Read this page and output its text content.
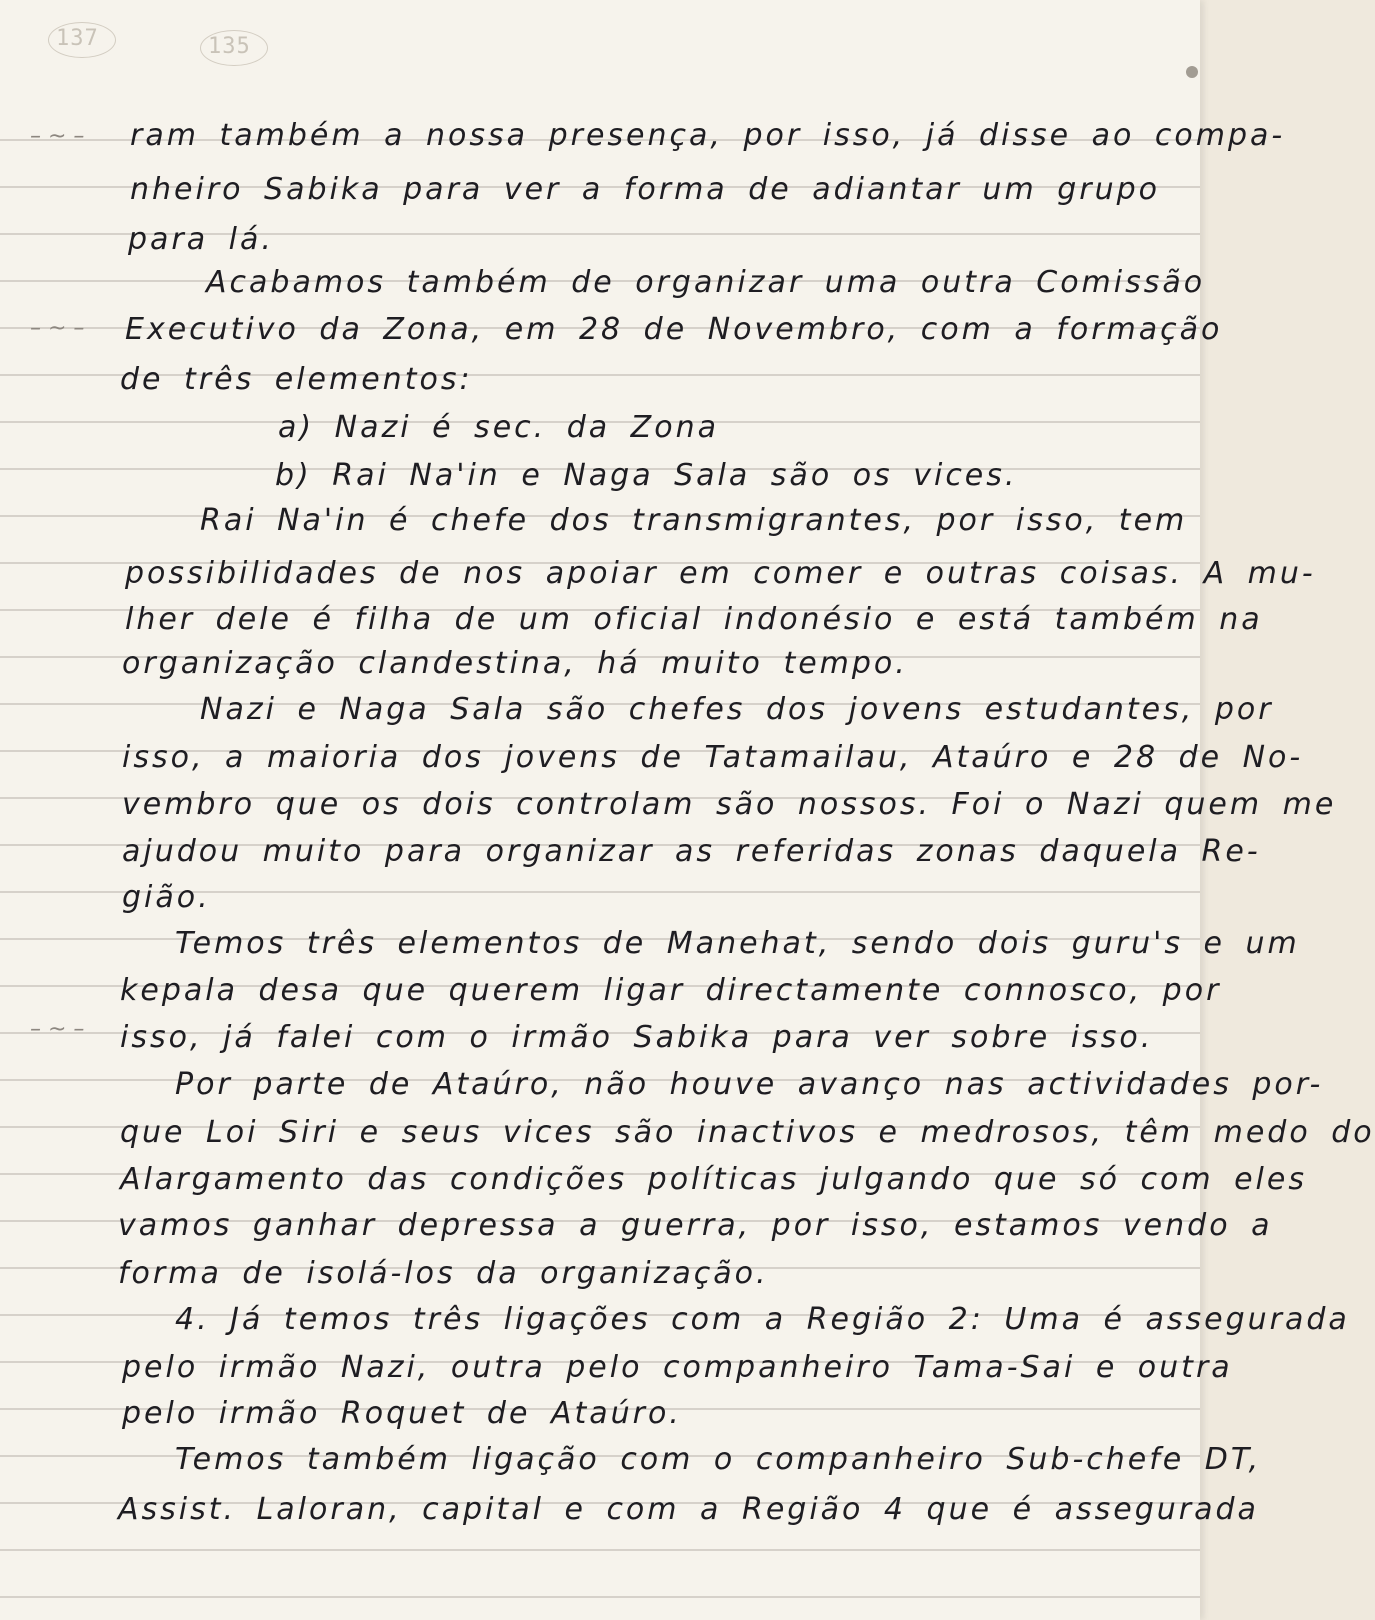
137	135
– ~ –
– ~ –
– ~ –
ram também a nossa presença, por isso, já disse ao compa-
nheiro Sabika para ver a forma de adiantar um grupo
para lá.
Acabamos também de organizar uma outra Comissão
Executivo da Zona, em 28 de Novembro, com a formação
de três elementos:
a) Nazi é sec. da Zona
b) Rai Na'in e Naga Sala são os vices.
Rai Na'in é chefe dos transmigrantes, por isso, tem
possibilidades de nos apoiar em comer e outras coisas. A mu-
lher dele é filha de um oficial indonésio e está também na
organização clandestina, há muito tempo.
Nazi e Naga Sala são chefes dos jovens estudantes, por
isso, a maioria dos jovens de Tatamailau, Ataúro e 28 de No-
vembro que os dois controlam são nossos. Foi o Nazi quem me
ajudou muito para organizar as referidas zonas daquela Re-
gião.
Temos três elementos de Manehat, sendo dois guru's e um
kepala desa que querem ligar directamente connosco, por
isso, já falei com o irmão Sabika para ver sobre isso.
Por parte de Ataúro, não houve avanço nas actividades por-
que Loi Siri e seus vices são inactivos e medrosos, têm medo do
Alargamento das condições políticas julgando que só com eles
vamos ganhar depressa a guerra, por isso, estamos vendo a
forma de isolá-los da organização.
4. Já temos três ligações com a Região 2: Uma é assegurada
pelo irmão Nazi, outra pelo companheiro Tama-Sai e outra
pelo irmão Roquet de Ataúro.
Temos também ligação com o companheiro Sub-chefe DT,
Assist. Laloran, capital e com a Região 4 que é assegurada
